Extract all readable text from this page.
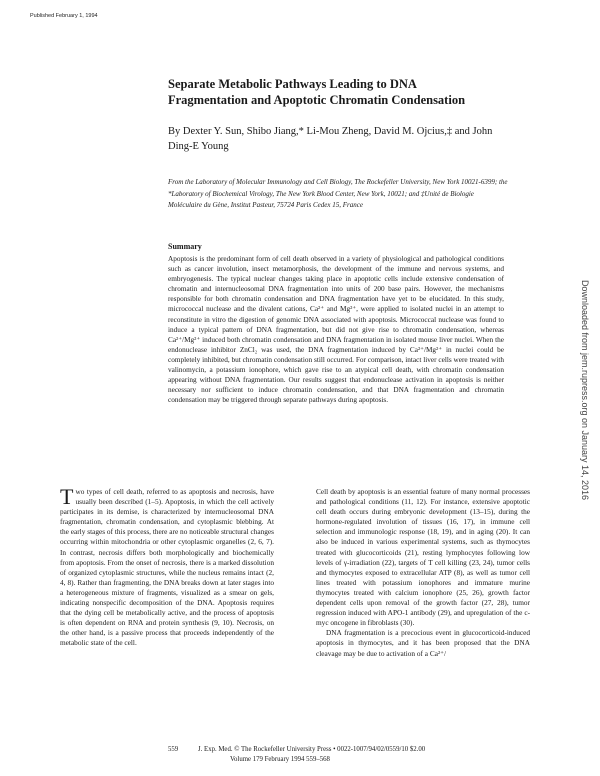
Published February 1, 1994
Separate Metabolic Pathways Leading to DNA Fragmentation and Apoptotic Chromatin Condensation
By Dexter Y. Sun, Shibo Jiang,* Li-Mou Zheng, David M. Ojcius,‡ and John Ding-E Young
From the Laboratory of Molecular Immunology and Cell Biology, The Rockefeller University, New York 10021-6399; the *Laboratory of Biochemical Virology, The New York Blood Center, New York, 10021; and ‡Unité de Biologie Moléculaire du Gène, Institut Pasteur, 75724 Paris Cedex 15, France
Summary
Apoptosis is the predominant form of cell death observed in a variety of physiological and pathological conditions such as cancer involution, insect metamorphosis, the development of the immune and nervous systems, and embryogenesis. The typical nuclear changes taking place in apoptotic cells include extensive condensation of chromatin and internucleosomal DNA fragmentation into units of 200 base pairs. However, the mechanisms responsible for both chromatin condensation and DNA fragmentation have yet to be elucidated. In this study, micrococcal nuclease and the divalent cations, Ca²⁺ and Mg²⁺, were applied to isolated nuclei in an attempt to reconstitute in vitro the digestion of genomic DNA associated with apoptosis. Micrococcal nuclease was found to induce a typical pattern of DNA fragmentation, but did not give rise to chromatin condensation, whereas Ca²⁺/Mg²⁺ induced both chromatin condensation and DNA fragmentation in isolated mouse liver nuclei. When the endonuclease inhibitor ZnCl₂ was used, the DNA fragmentation induced by Ca²⁺/Mg²⁺ in nuclei could be completely inhibited, but chromatin condensation still occurred. For comparison, intact liver cells were treated with valinomycin, a potassium ionophore, which gave rise to an atypical cell death, with chromatin condensation appearing without DNA fragmentation. Our results suggest that endonuclease activation in apoptosis is neither necessary nor sufficient to induce chromatin condensation, and that DNA fragmentation and chromatin condensation may be triggered through separate pathways during apoptosis.

Two types of cell death, referred to as apoptosis and necrosis, have usually been described (1–5). Apoptosis, in which the cell actively participates in its demise, is characterized by internucleosomal DNA fragmentation, chromatin condensation, and cytoplasmic blebbing. At the early stages of this process, there are no noticeable structural changes occurring within mitochondria or other cytoplasmic organelles (2, 6, 7). In contrast, necrosis differs both morphologically and biochemically from apoptosis. From the onset of necrosis, there is a marked dissolution of organized cytoplasmic structures, while the nucleus remains intact (2, 4, 8). Rather than fragmenting, the DNA breaks down at later stages into a heterogeneous mixture of fragments, visualized as a smear on gels, indicating nonspecific decomposition of the DNA. Apoptosis requires that the dying cell be metabolically active, and the process of apoptosis is often dependent on RNA and protein synthesis (9, 10). Necrosis, on the other hand, is a passive process that proceeds independently of the metabolic state of the cell.

Cell death by apoptosis is an essential feature of many normal processes and pathological conditions (11, 12). For instance, extensive apoptotic cell death occurs during embryonic development (13–15), during the hormone-regulated involution of tissues (16, 17), in immune cell selection and immunologic response (18, 19), and in aging (20). It can also be induced in various experimental systems, such as thymocytes treated with glucocorticoids (21), resting lymphocytes following low levels of γ-irradiation (22), targets of T cell killing (23, 24), tumor cells and thymocytes exposed to extracellular ATP (8), as well as tumor cell lines treated with potassium ionophores and immature murine thymocytes treated with calcium ionophore (25, 26), growth factor dependent cells upon removal of the growth factor (27, 28), tumor regression induced with APO-1 antibody (29), and upregulation of the c-myc oncogene in fibroblasts (30).

DNA fragmentation is a precocious event in glucocorticoid-induced apoptosis in thymocytes, and it has been proposed that the DNA cleavage may be due to activation of a Ca²⁺/

559	J. Exp. Med. © The Rockefeller University Press • 0022-1007/94/02/0559/10 $2.00
Volume 179 February 1994 559–568
Downloaded from jem.rupress.org on January 14, 2016
